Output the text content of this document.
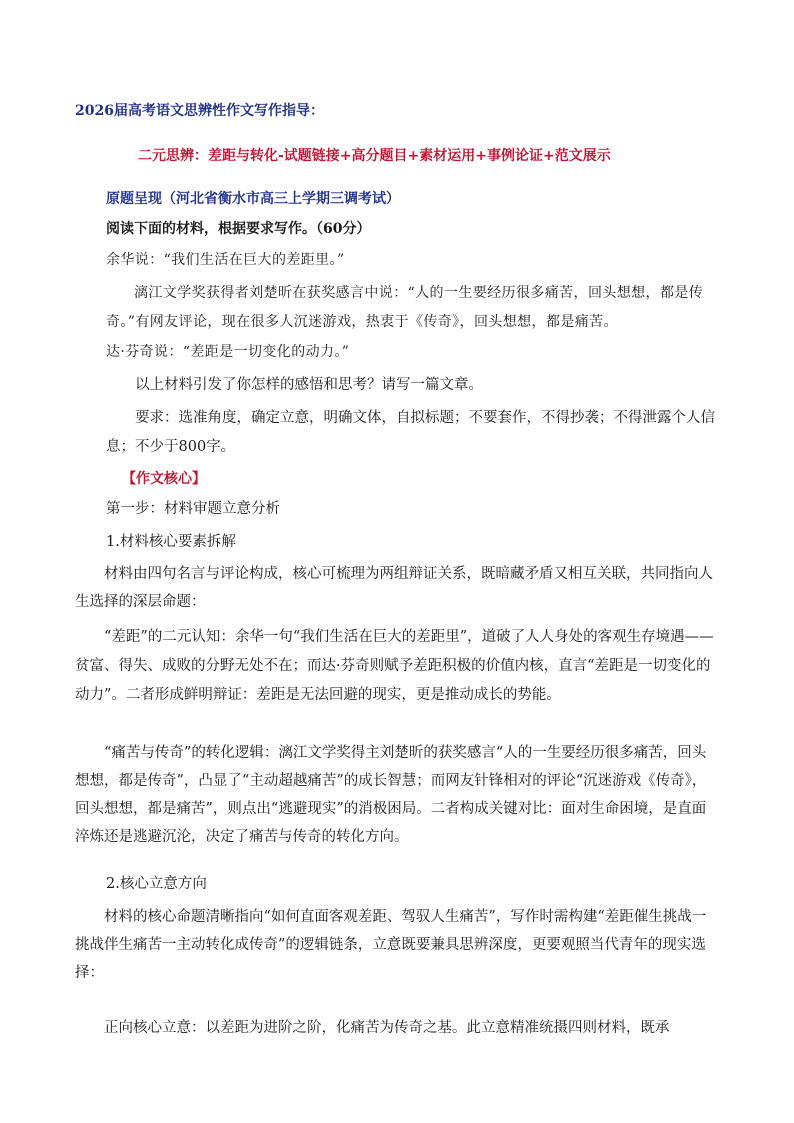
2026届高考语文思辨性作文写作指导：
二元思辨：差距与转化-试题链接+高分题目+素材运用+事例论证+范文展示
原题呈现（河北省衡水市高三上学期三调考试）
阅读下面的材料，根据要求写作。（60分）
余华说：“我们生活在巨大的差距里。”

漓江文学奖获得者刘楚昕在获奖感言中说：“人的一生要经历很多痛苦，回头想想，都是传奇。”有网友评论，现在很多人沉迷游戏，热衷于《传奇》，回头想想，都是痛苦。

达·芬奇说：“差距是一切变化的动力。”

以上材料引发了你怎样的感悟和思考？请写一篇文章。

要求：选准角度，确定立意，明确文体，自拟标题；不要套作，不得抄袭；不得泄露个人信息；不少于800字。

【作文核心】
第一步：材料审题立意分析
1.材料核心要素拆解

材料由四句名言与评论构成，核心可梳理为两组辩证关系，既暗藏矛盾又相互关联，共同指向人生选择的深层命题：

“差距”的二元认知：余华一句“我们生活在巨大的差距里”，道破了人人身处的客观生存境遇——贫富、得失、成败的分野无处不在；而达·芬奇则赋予差距积极的价值内核，直言“差距是一切变化的动力”。二者形成鲜明辩证：差距是无法回避的现实，更是推动成长的势能。

“痛苦与传奇”的转化逻辑：漓江文学奖得主刘楚昕的获奖感言“人的一生要经历很多痛苦，回头想想，都是传奇”，凸显了“主动超越痛苦”的成长智慧；而网友针锋相对的评论“沉迷游戏《传奇》，回头想想，都是痛苦”，则点出“逃避现实”的消极困局。二者构成关键对比：面对生命困境，是直面淬炼还是逃避沉沦，决定了痛苦与传奇的转化方向。

2.核心立意方向

材料的核心命题清晰指向“如何直面客观差距、驾驭人生痛苦”，写作时需构建“差距催生挑战一挑战伴生痛苦一主动转化成传奇”的逻辑链条，立意既要兼具思辨深度，更要观照当代青年的现实选择：

正向核心立意：以差距为进阶之阶，化痛苦为传奇之基。此立意精准统摄四则材料，既承
